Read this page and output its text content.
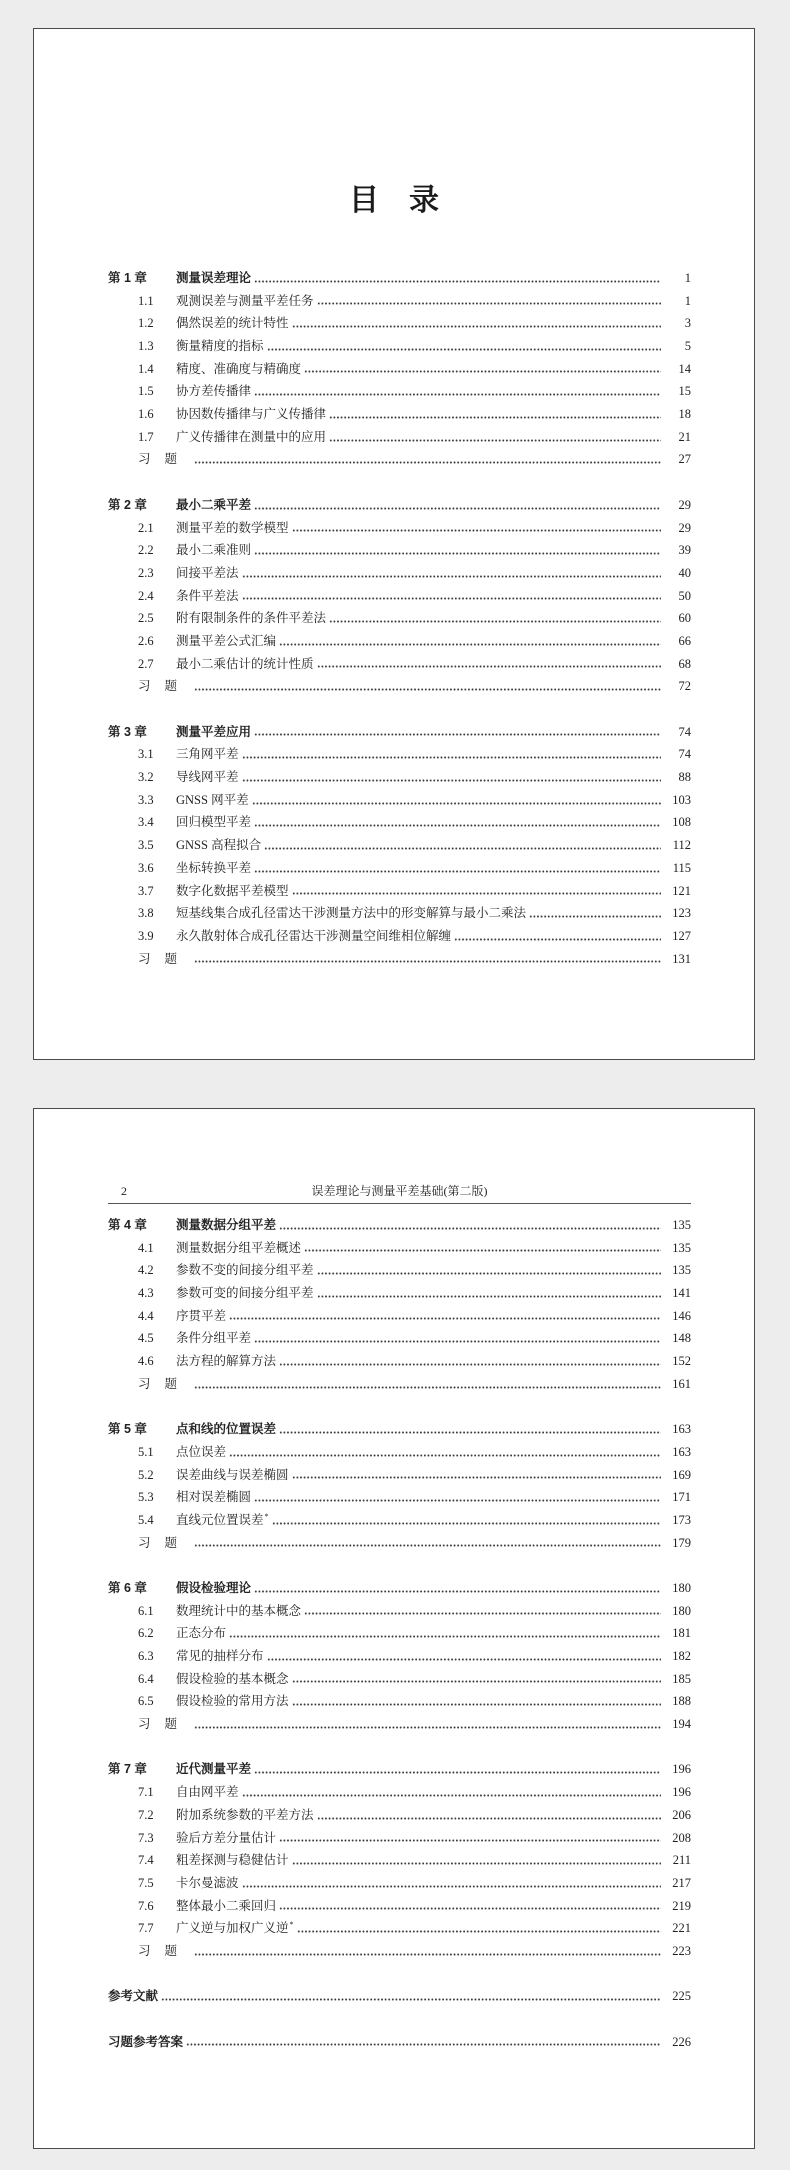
目录
第 1 章	测量误差理论	1
1.1	观测误差与测量平差任务	1
1.2	偶然误差的统计特性	3
1.3	衡量精度的指标	5
1.4	精度、准确度与精确度	14
1.5	协方差传播律	15
1.6	协因数传播律与广义传播律	18
1.7	广义传播律在测量中的应用	21
习题	27
第 2 章	最小二乘平差	29
2.1	测量平差的数学模型	29
2.2	最小二乘准则	39
2.3	间接平差法	40
2.4	条件平差法	50
2.5	附有限制条件的条件平差法	60
2.6	测量平差公式汇编	66
2.7	最小二乘估计的统计性质	68
习题	72
第 3 章	测量平差应用	74
3.1	三角网平差	74
3.2	导线网平差	88
3.3	GNSS 网平差	103
3.4	回归模型平差	108
3.5	GNSS 高程拟合	112
3.6	坐标转换平差	115
3.7	数字化数据平差模型	121
3.8	短基线集合成孔径雷达干涉测量方法中的形变解算与最小二乘法	123
3.9	永久散射体合成孔径雷达干涉测量空间维相位解缠	127
习题	131
2	误差理论与测量平差基础(第二版)
第 4 章	测量数据分组平差	135
4.1	测量数据分组平差概述	135
4.2	参数不变的间接分组平差	135
4.3	参数可变的间接分组平差	141
4.4	序贯平差	146
4.5	条件分组平差	148
4.6	法方程的解算方法	152
习题	161
第 5 章	点和线的位置误差	163
5.1	点位误差	163
5.2	误差曲线与误差椭圆	169
5.3	相对误差椭圆	171
5.4	直线元位置误差*	173
习题	179
第 6 章	假设检验理论	180
6.1	数理统计中的基本概念	180
6.2	正态分布	181
6.3	常见的抽样分布	182
6.4	假设检验的基本概念	185
6.5	假设检验的常用方法	188
习题	194
第 7 章	近代测量平差	196
7.1	自由网平差	196
7.2	附加系统参数的平差方法	206
7.3	验后方差分量估计	208
7.4	粗差探测与稳健估计	211
7.5	卡尔曼滤波	217
7.6	整体最小二乘回归	219
7.7	广义逆与加权广义逆*	221
习题	223
参考文献	225
习题参考答案	226
